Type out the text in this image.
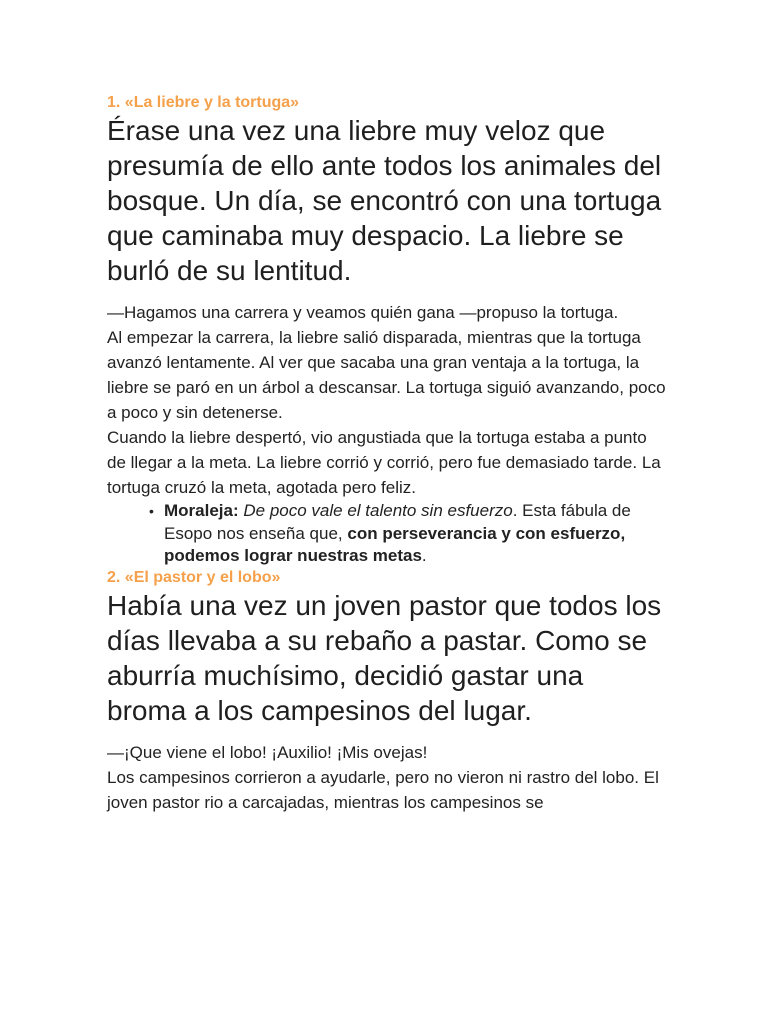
1. «La liebre y la tortuga»

Érase una vez una liebre muy veloz que presumía de ello ante todos los animales del bosque. Un día, se encontró con una tortuga que caminaba muy despacio. La liebre se burló de su lentitud.

—Hagamos una carrera y veamos quién gana —propuso la tortuga.

Al empezar la carrera, la liebre salió disparada, mientras que la tortuga avanzó lentamente. Al ver que sacaba una gran ventaja a la tortuga, la liebre se paró en un árbol a descansar. La tortuga siguió avanzando, poco a poco y sin detenerse.

Cuando la liebre despertó, vio angustiada que la tortuga estaba a punto de llegar a la meta. La liebre corrió y corrió, pero fue demasiado tarde. La tortuga cruzó la meta, agotada pero feliz.

• Moraleja: De poco vale el talento sin esfuerzo. Esta fábula de Esopo nos enseña que, con perseverancia y con esfuerzo, podemos lograr nuestras metas.
2. «El pastor y el lobo»

Había una vez un joven pastor que todos los días llevaba a su rebaño a pastar. Como se aburría muchísimo, decidió gastar una broma a los campesinos del lugar.

—¡Que viene el lobo! ¡Auxilio! ¡Mis ovejas!

Los campesinos corrieron a ayudarle, pero no vieron ni rastro del lobo. El joven pastor rio a carcajadas, mientras los campesinos se
